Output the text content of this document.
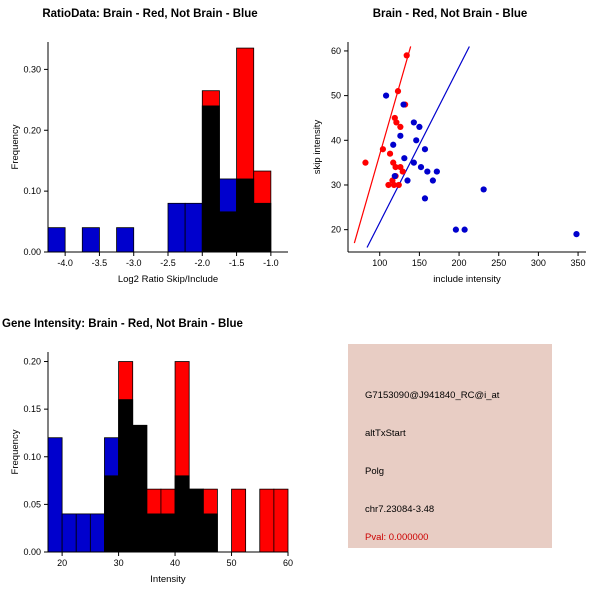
RatioData: Brain - Red, Not Brain - Blue
-4.0 -3.5 -3.0 -2.5 -2.0 -1.5 -1.0
0.00
0.10
0.20
0.30
Log2 Ratio Skip/Include
Frequency
Brain - Red, Not Brain - Blue
100	150	200	250	300	350
20
30
40
50
60
include intensity
skip intensity
Gene Intensity: Brain - Red, Not Brain - Blue
20	30	40	50	60
0.00
0.05
0.10
0.15
0.20
Intensity
Frequency
G7153090@J941840_RC@i_at
altTxStart
Polg
chr7.23084-3.48
Pval: 0.000000
